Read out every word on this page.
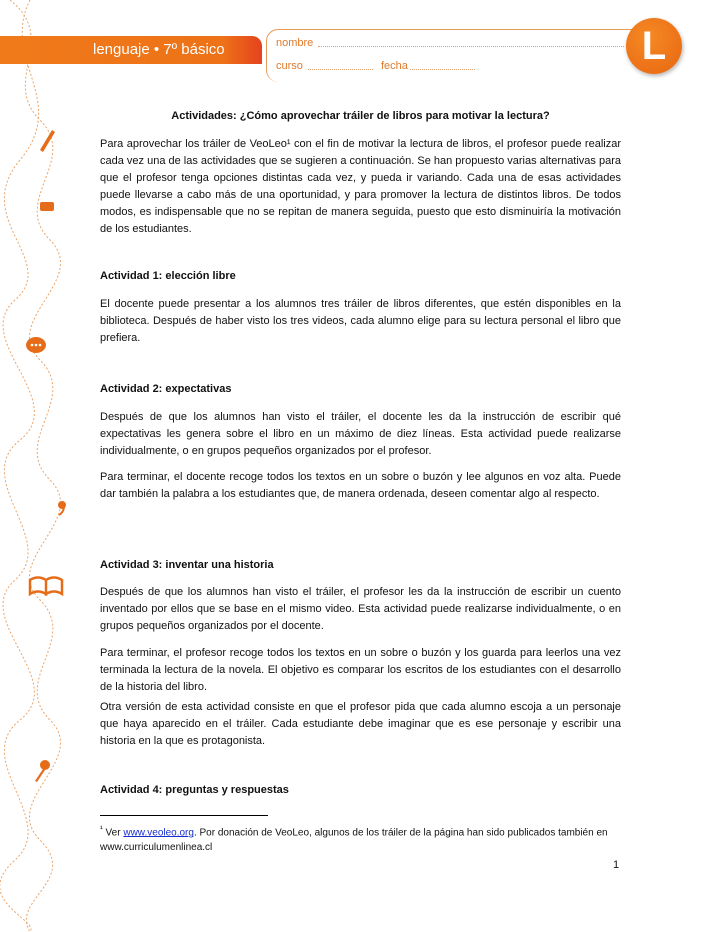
lenguaje • 7º básico	nombre
curso	fecha	L
Actividades: ¿Cómo aprovechar tráiler de libros para motivar la lectura?
Para aprovechar los tráiler de VeoLeo¹ con el fin de motivar la lectura de libros, el profesor puede realizar cada vez una de las actividades que se sugieren a continuación. Se han propuesto varias alternativas para que el profesor tenga opciones distintas cada vez, y pueda ir variando. Cada una de esas actividades puede llevarse a cabo más de una oportunidad, y para promover la lectura de distintos libros. De todos modos, es indispensable que no se repitan de manera seguida, puesto que esto disminuiría la motivación de los estudiantes.
Actividad 1: elección libre
El docente puede presentar a los alumnos tres tráiler de libros diferentes, que estén disponibles en la biblioteca. Después de haber visto los tres videos, cada alumno elige para su lectura personal el libro que prefiera.
Actividad 2: expectativas
Después de que los alumnos han visto el tráiler, el docente les da la instrucción de escribir qué expectativas les genera sobre el libro en un máximo de diez líneas. Esta actividad puede realizarse individualmente, o en grupos pequeños organizados por el profesor.
Para terminar, el docente recoge todos los textos en un sobre o buzón y lee algunos en voz alta. Puede dar también la palabra a los estudiantes que, de manera ordenada, deseen comentar algo al respecto.
Actividad 3: inventar una historia
Después de que los alumnos han visto el tráiler, el profesor les da la instrucción de escribir un cuento inventado por ellos que se base en el mismo video. Esta actividad puede realizarse individualmente, o en grupos pequeños organizados por el docente.
Para terminar, el profesor recoge todos los textos en un sobre o buzón y los guarda para leerlos una vez terminada la lectura de la novela. El objetivo es comparar los escritos de los estudiantes con el desarrollo de la historia del libro.
Otra versión de esta actividad consiste en que el profesor pida que cada alumno escoja a un personaje que haya aparecido en el tráiler. Cada estudiante debe imaginar que es ese personaje y escribir una historia en la que es protagonista.
Actividad 4: preguntas y respuestas
$^{^1}$ Ver www.veoleo.org. Por donación de VeoLeo, algunos de los tráiler de la página han sido publicados también en www.curriculumenlinea.cl
1
